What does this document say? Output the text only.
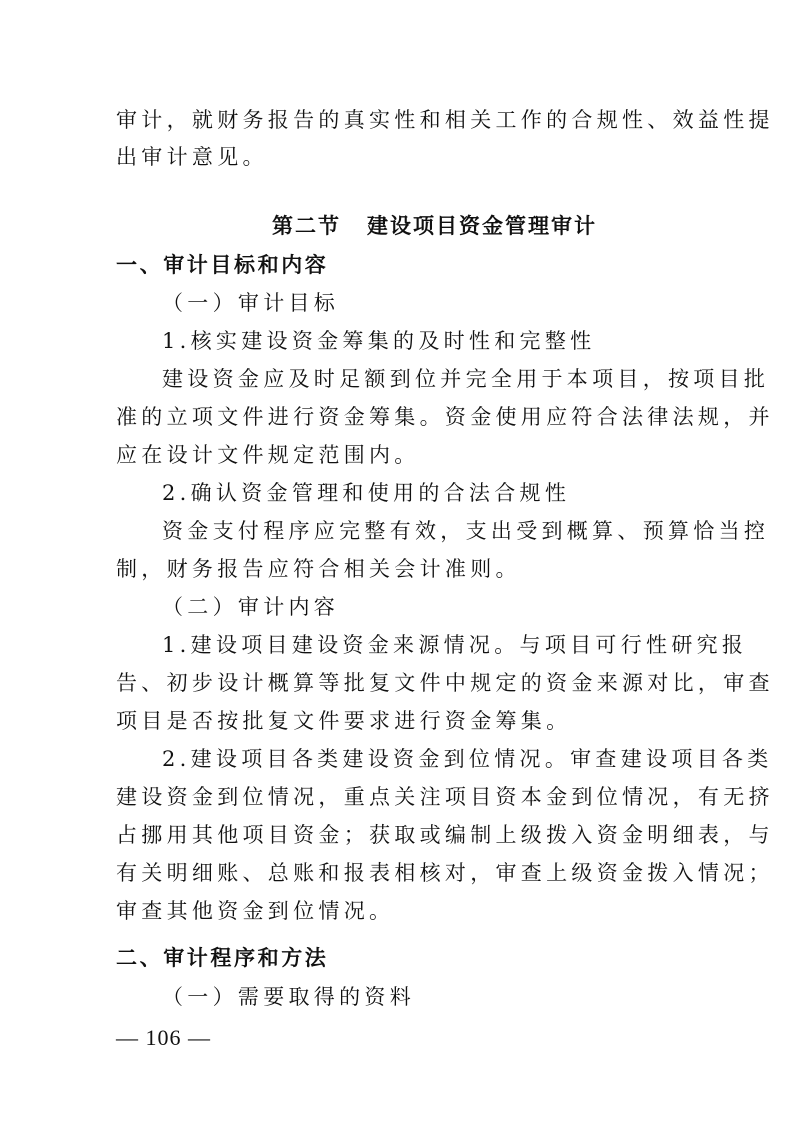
审计，就财务报告的真实性和相关工作的合规性、效益性提
出审计意见。
第二节 建设项目资金管理审计
一、审计目标和内容
（一）审计目标
1.核实建设资金筹集的及时性和完整性
建设资金应及时足额到位并完全用于本项目，按项目批
准的立项文件进行资金筹集。资金使用应符合法律法规，并
应在设计文件规定范围内。
2.确认资金管理和使用的合法合规性
资金支付程序应完整有效，支出受到概算、预算恰当控
制，财务报告应符合相关会计准则。
（二）审计内容
1.建设项目建设资金来源情况。与项目可行性研究报
告、初步设计概算等批复文件中规定的资金来源对比，审查
项目是否按批复文件要求进行资金筹集。
2.建设项目各类建设资金到位情况。审查建设项目各类
建设资金到位情况，重点关注项目资本金到位情况，有无挤
占挪用其他项目资金；获取或编制上级拨入资金明细表，与
有关明细账、总账和报表相核对，审查上级资金拨入情况；
审查其他资金到位情况。
二、审计程序和方法
（一）需要取得的资料
— 106 —
